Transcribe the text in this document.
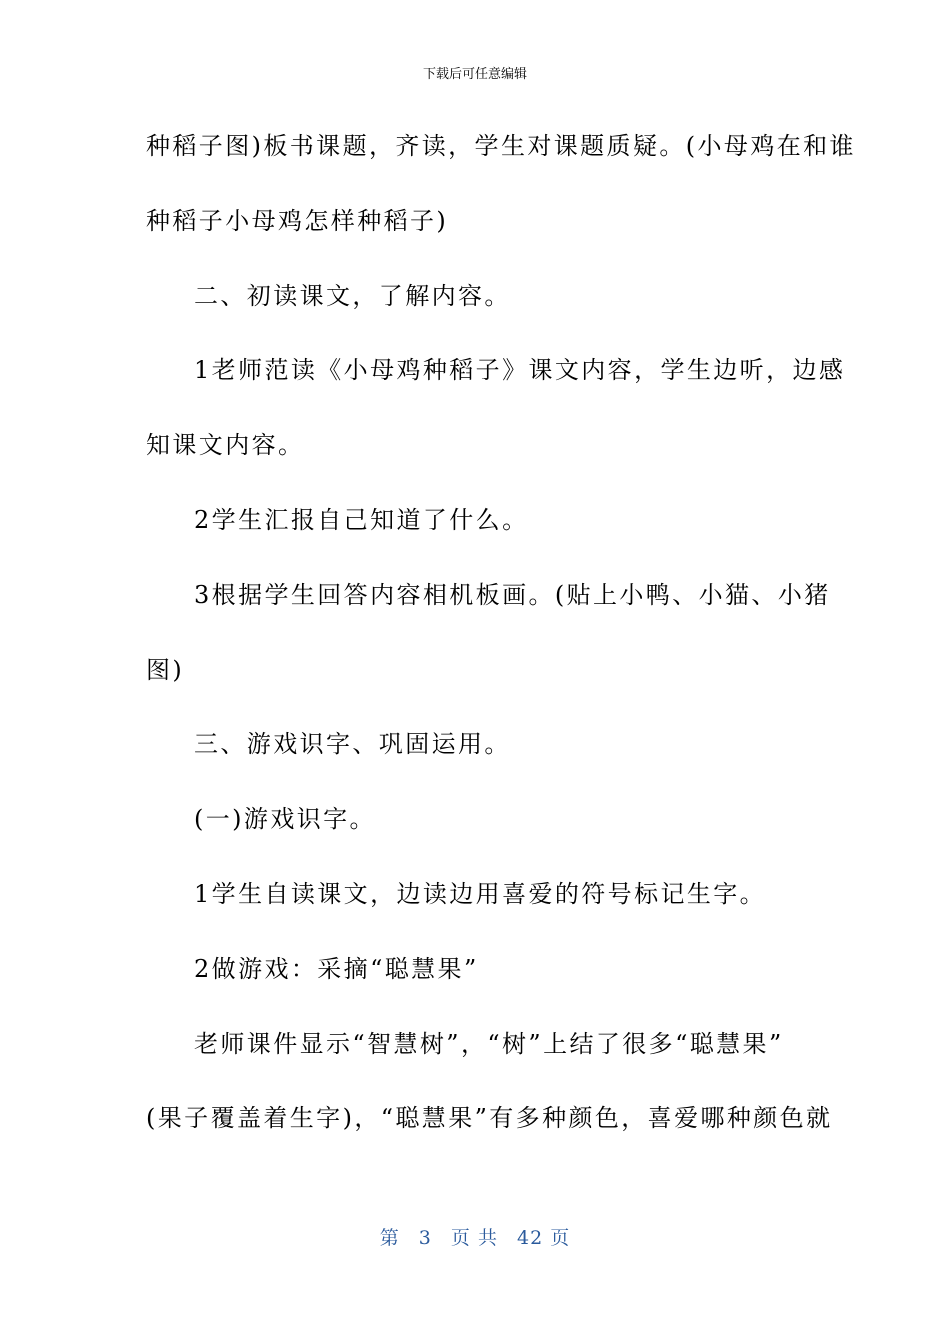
下载后可任意编辑
种稻子图)板书课题，齐读，学生对课题质疑。(小母鸡在和谁
种稻子小母鸡怎样种稻子)
二、初读课文，了解内容。
1老师范读《小母鸡种稻子》课文内容，学生边听，边感
知课文内容。
2学生汇报自己知道了什么。
3根据学生回答内容相机板画。(贴上小鸭、小猫、小猪
图)
三、游戏识字、巩固运用。
(一)游戏识字。
1学生自读课文，边读边用喜爱的符号标记生字。
2做游戏：采摘“聪慧果”
老师课件显示“智慧树”，“树”上结了很多“聪慧果”
(果子覆盖着生字)，“聪慧果”有多种颜色，喜爱哪种颜色就
第 3 页 共 42 页
